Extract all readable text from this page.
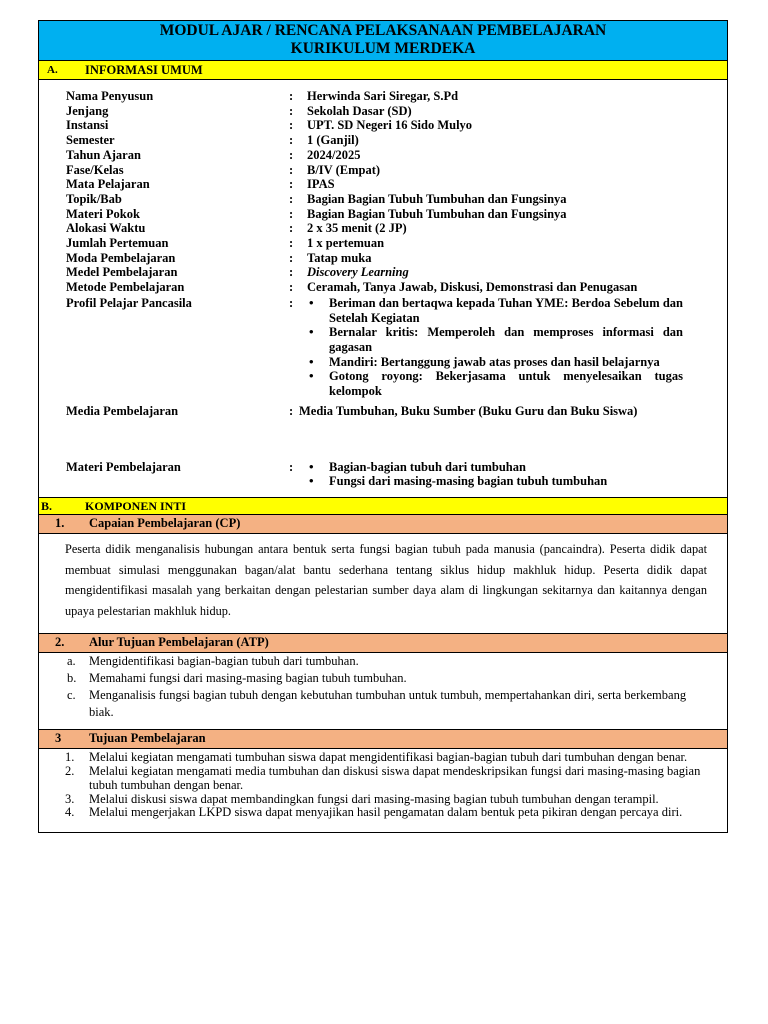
MODUL AJAR / RENCANA PELAKSANAAN PEMBELAJARAN
KURIKULUM MERDEKA
A. INFORMASI UMUM
Nama Penyusun	:	Herwinda Sari Siregar, S.Pd
Jenjang	:	Sekolah Dasar (SD)
Instansi	:	UPT. SD Negeri 16 Sido Mulyo
Semester	:	1 (Ganjil)
Tahun Ajaran	:	2024/2025
Fase/Kelas	:	B/IV (Empat)
Mata Pelajaran	:	IPAS
Topik/Bab	:	Bagian Bagian Tubuh Tumbuhan dan Fungsinya
Materi Pokok	:	Bagian Bagian Tubuh Tumbuhan dan Fungsinya
Alokasi Waktu	:	2 x 35 menit (2 JP)
Jumlah Pertemuan	:	1 x pertemuan
Moda Pembelajaran	:	Tatap muka
Medel Pembelajaran	:	Discovery Learning
Metode Pembelajaran	:	Ceramah, Tanya Jawab, Diskusi, Demonstrasi dan Penugasan
Profil Pelajar Pancasila	:	• Beriman dan bertaqwa kepada Tuhan YME: Berdoa Sebelum dan Setelah Kegiatan
• Bernalar kritis: Memperoleh dan memproses informasi dan gagasan
• Mandiri: Bertanggung jawab atas proses dan hasil belajarnya
• Gotong royong: Bekerjasama untuk menyelesaikan tugas kelompok
Media Pembelajaran	: Media Tumbuhan, Buku Sumber (Buku Guru dan Buku Siswa)
Materi Pembelajaran	:	• Bagian-bagian tubuh dari tumbuhan
• Fungsi dari masing-masing bagian tubuh tumbuhan
B.	KOMPONEN INTI
1. Capaian Pembelajaran (CP)
Peserta didik menganalisis hubungan antara bentuk serta fungsi bagian tubuh pada manusia (pancaindra). Peserta didik dapat membuat simulasi menggunakan bagan/alat bantu sederhana tentang siklus hidup makhluk hidup. Peserta didik dapat mengidentifikasi masalah yang berkaitan dengan pelestarian sumber daya alam di lingkungan sekitarnya dan kaitannya dengan upaya pelestarian makhluk hidup.
2. Alur Tujuan Pembelajaran (ATP)
a.	Mengidentifikasi bagian-bagian tubuh dari tumbuhan.
b.	Memahami fungsi dari masing-masing bagian tubuh tumbuhan.
c.	Menganalisis fungsi bagian tubuh dengan kebutuhan tumbuhan untuk tumbuh, mempertahankan diri, serta berkembang biak.
3 Tujuan Pembelajaran
1.	Melalui kegiatan mengamati tumbuhan siswa dapat mengidentifikasi bagian-bagian tubuh dari tumbuhan dengan benar.
2.	Melalui kegiatan mengamati media tumbuhan dan diskusi siswa dapat mendeskripsikan fungsi dari masing-masing bagian tubuh tumbuhan dengan benar.
3.	Melalui diskusi siswa dapat membandingkan fungsi dari masing-masing bagian tubuh tumbuhan dengan terampil.
4.	Melalui mengerjakan LKPD siswa dapat menyajikan hasil pengamatan dalam bentuk peta pikiran dengan percaya diri.
